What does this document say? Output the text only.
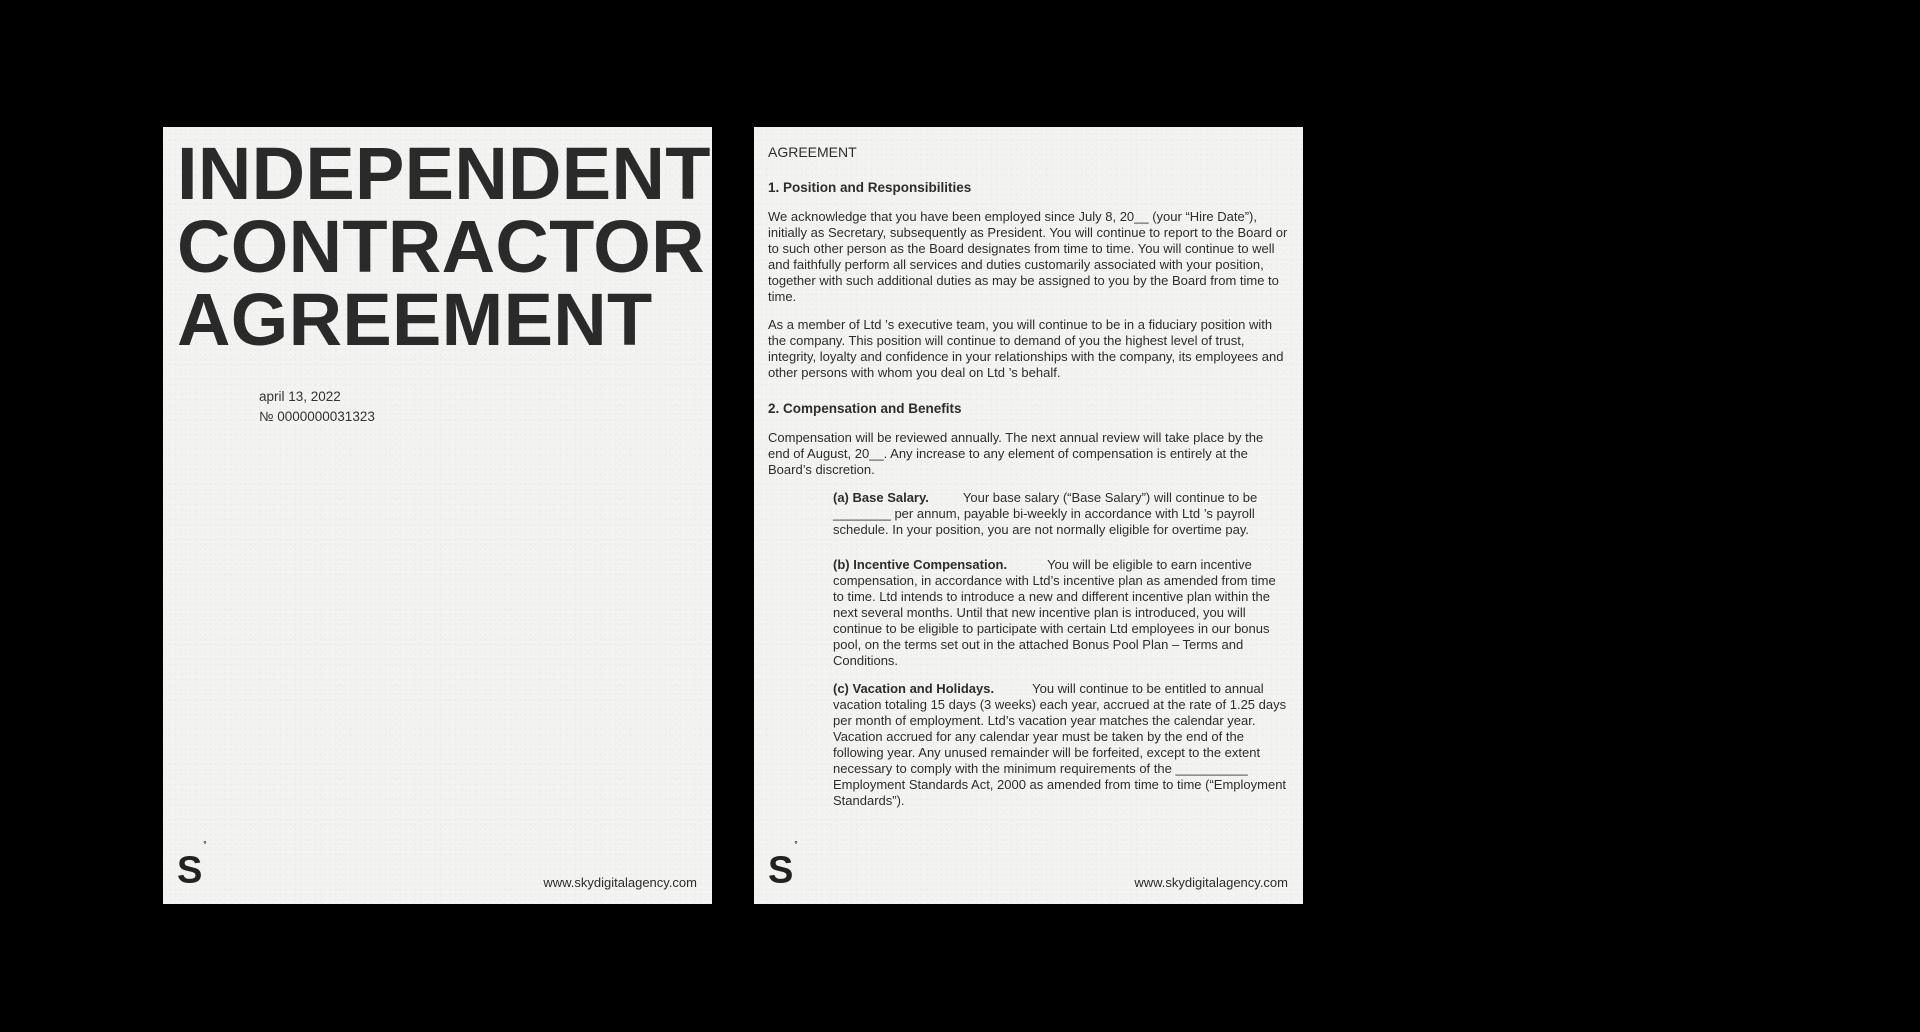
INDEPENDENT
CONTRACTOR
AGREEMENT
april 13, 2022
№ 0000000031323
S°
www.skydigitalagency.com
AGREEMENT
1. Position and Responsibilities

We acknowledge that you have been employed since July 8, 20__ (your “Hire Date”), initially as Secretary, subsequently as President. You will continue to report to the Board or to such other person as the Board designates from time to time. You will continue to well and faithfully perform all services and duties customarily associated with your position, together with such additional duties as may be assigned to you by the Board from time to time.

As a member of Ltd ’s executive team, you will continue to be in a fiduciary position with the company. This position will continue to demand of you the highest level of trust, integrity, loyalty and confidence in your relationships with the company, its employees and other persons with whom you deal on Ltd ’s behalf.

2. Compensation and Benefits

Compensation will be reviewed annually. The next annual review will take place by the end of August, 20__. Any increase to any element of compensation is entirely at the Board’s discretion.

(a) Base Salary.	Your base salary (“Base Salary”) will continue to be ________ per annum, payable bi-weekly in accordance with Ltd ’s payroll schedule. In your position, you are not normally eligible for overtime pay.
(b) Incentive Compensation.	You will be eligible to earn incentive compensation, in accordance with Ltd’s incentive plan as amended from time to time. Ltd intends to introduce a new and different incentive plan within the next several months. Until that new incentive plan is introduced, you will continue to be eligible to participate with certain Ltd employees in our bonus pool, on the terms set out in the attached Bonus Pool Plan – Terms and Conditions.
(c) Vacation and Holidays.	You will continue to be entitled to annual vacation totaling 15 days (3 weeks) each year, accrued at the rate of 1.25 days per month of employment. Ltd’s vacation year matches the calendar year. Vacation accrued for any calendar year must be taken by the end of the following year. Any unused remainder will be forfeited, except to the extent necessary to comply with the minimum requirements of the __________ Employment Standards Act, 2000 as amended from time to time (“Employment Standards”).
S°
www.skydigitalagency.com
